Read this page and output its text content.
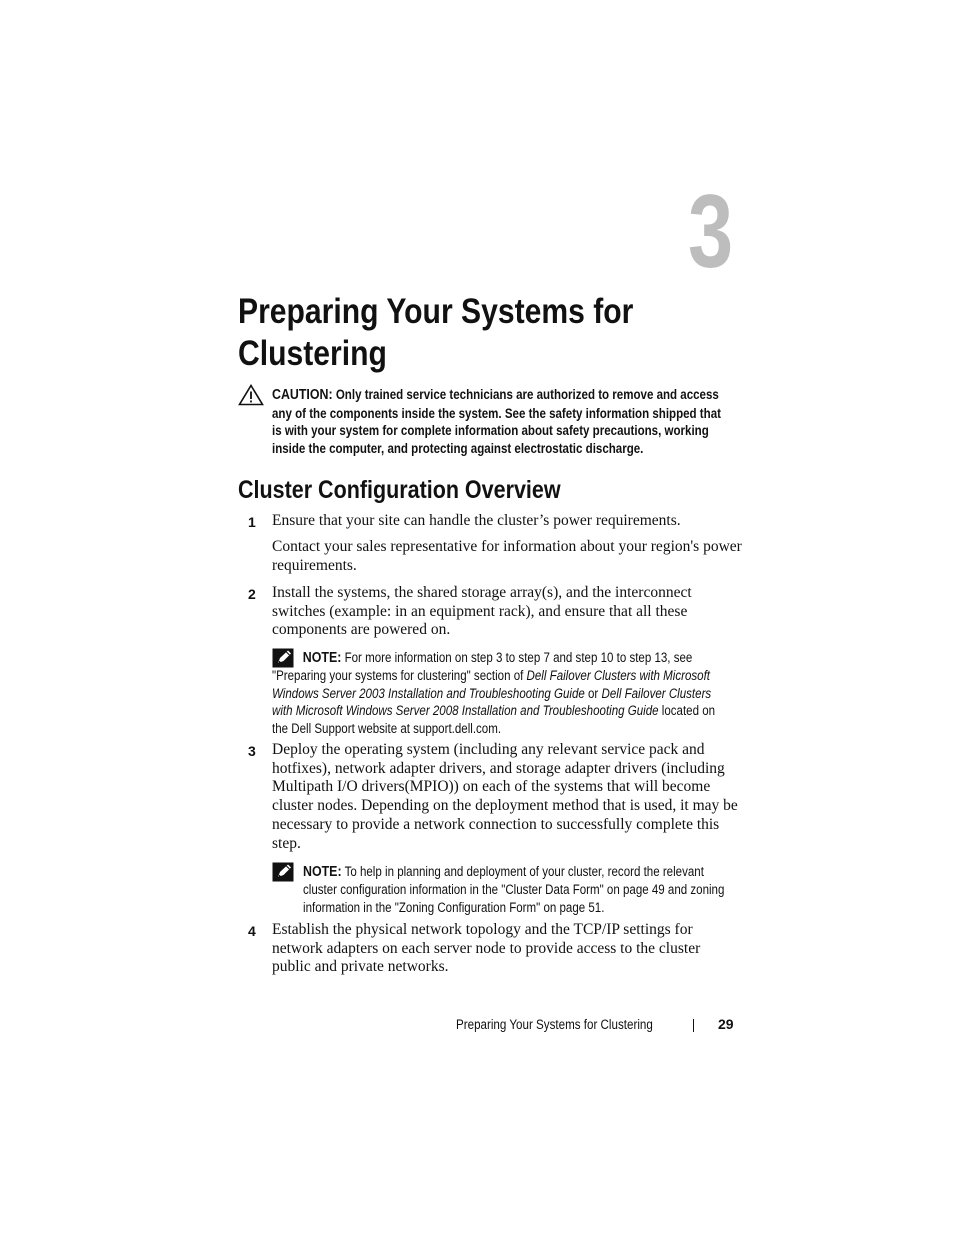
3
Preparing Your Systems for Clustering
CAUTION: Only trained service technicians are authorized to remove and access any of the components inside the system. See the safety information shipped that is with your system for complete information about safety precautions, working inside the computer, and protecting against electrostatic discharge.
Cluster Configuration Overview
1	Ensure that your site can handle the cluster’s power requirements.
Contact your sales representative for information about your region's power requirements.
2	Install the systems, the shared storage array(s), and the interconnect switches (example: in an equipment rack), and ensure that all these components are powered on.
NOTE: For more information on step 3 to step 7 and step 10 to step 13, see "Preparing your systems for clustering" section of Dell Failover Clusters with Microsoft Windows Server 2003 Installation and Troubleshooting Guide or Dell Failover Clusters with Microsoft Windows Server 2008 Installation and Troubleshooting Guide located on the Dell Support website at support.dell.com.
3	Deploy the operating system (including any relevant service pack and hotfixes), network adapter drivers, and storage adapter drivers (including Multipath I/O drivers(MPIO)) on each of the systems that will become cluster nodes. Depending on the deployment method that is used, it may be necessary to provide a network connection to successfully complete this step.
NOTE: To help in planning and deployment of your cluster, record the relevant cluster configuration information in the "Cluster Data Form" on page 49 and zoning information in the "Zoning Configuration Form" on page 51.
4	Establish the physical network topology and the TCP/IP settings for network adapters on each server node to provide access to the cluster public and private networks.
Preparing Your Systems for Clustering	29
